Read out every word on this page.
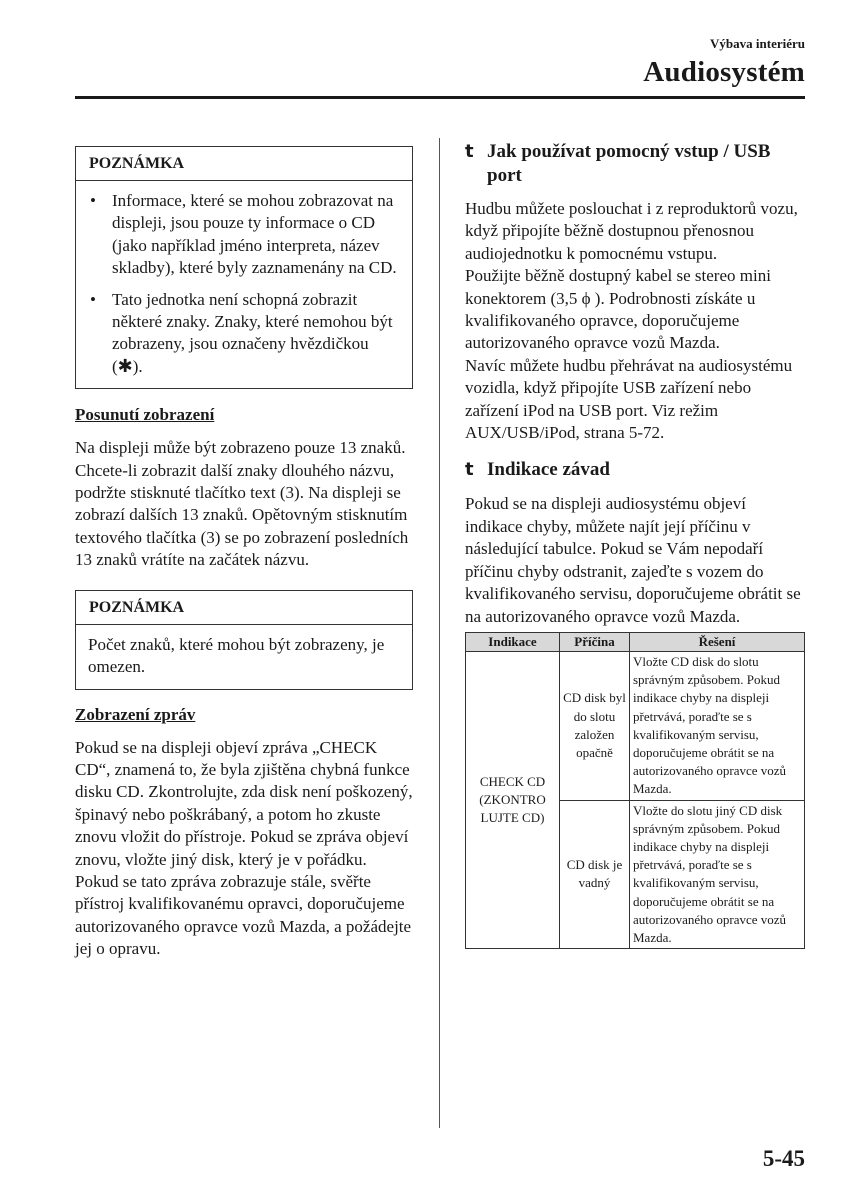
Výbava interiéru
Audiosystém
POZNÁMKA
• Informace, které se mohou zobrazovat na displeji, jsou pouze ty informace o CD (jako například jméno interpreta, název skladby), které byly zaznamenány na CD.
• Tato jednotka není schopná zobrazit některé znaky. Znaky, které nemohou být zobrazeny, jsou označeny hvězdičkou (✱).
Posunutí zobrazení

Na displeji může být zobrazeno pouze 13 znaků. Chcete-li zobrazit další znaky dlouhého názvu, podržte stisknuté tlačítko text (3). Na displeji se zobrazí dalších 13 znaků. Opětovným stisknutím textového tlačítka (3) se po zobrazení posledních 13 znaků vrátíte na začátek názvu.

POZNÁMKA

Počet znaků, které mohou být zobrazeny, je omezen.

Zobrazení zpráv

Pokud se na displeji objeví zpráva „CHECK CD“, znamená to, že byla zjištěna chybná funkce disku CD. Zkontrolujte, zda disk není poškozený, špinavý nebo poškrábaný, a potom ho zkuste znovu vložit do přístroje. Pokud se zpráva objeví znovu, vložte jiný disk, který je v pořádku. Pokud se tato zpráva zobrazuje stále, svěřte přístroj kvalifikovanému opravci, doporučujeme autorizovaného opravce vozů Mazda, a požádejte jej o opravu.

t Jak používat pomocný vstup / USB port

Hudbu můžete poslouchat i z reproduktorů vozu, když připojíte běžně dostupnou přenosnou audiojednotku k pomocnému vstupu.

Použijte běžně dostupný kabel se stereo mini konektorem (3,5 ϕ ). Podrobnosti získáte u kvalifikovaného opravce, doporučujeme autorizovaného opravce vozů Mazda.

Navíc můžete hudbu přehrávat na audiosystému vozidla, když připojíte USB zařízení nebo zařízení iPod na USB port. Viz režim AUX/USB/iPod, strana 5-72.

t Indikace závad

Pokud se na displeji audiosystému objeví indikace chyby, můžete najít její příčinu v následující tabulce. Pokud se Vám nepodaří příčinu chyby odstranit, zajeďte s vozem do kvalifikovaného servisu, doporučujeme obrátit se na autorizovaného opravce vozů Mazda.

Indikace	Příčina	Řešení
CHECK CD (ZKONTRO LUJTE CD)	CD disk byl do slotu založen opačně	Vložte CD disk do slotu správným způsobem. Pokud indikace chyby na displeji přetrvává, poraďte se s kvalifikovaným servisu, doporučujeme obrátit se na autorizovaného opravce vozů Mazda.
	CD disk je vadný	Vložte do slotu jiný CD disk správným způsobem. Pokud indikace chyby na displeji přetrvává, poraďte se s kvalifikovaným servisu, doporučujeme obrátit se na autorizovaného opravce vozů Mazda.
5-45
